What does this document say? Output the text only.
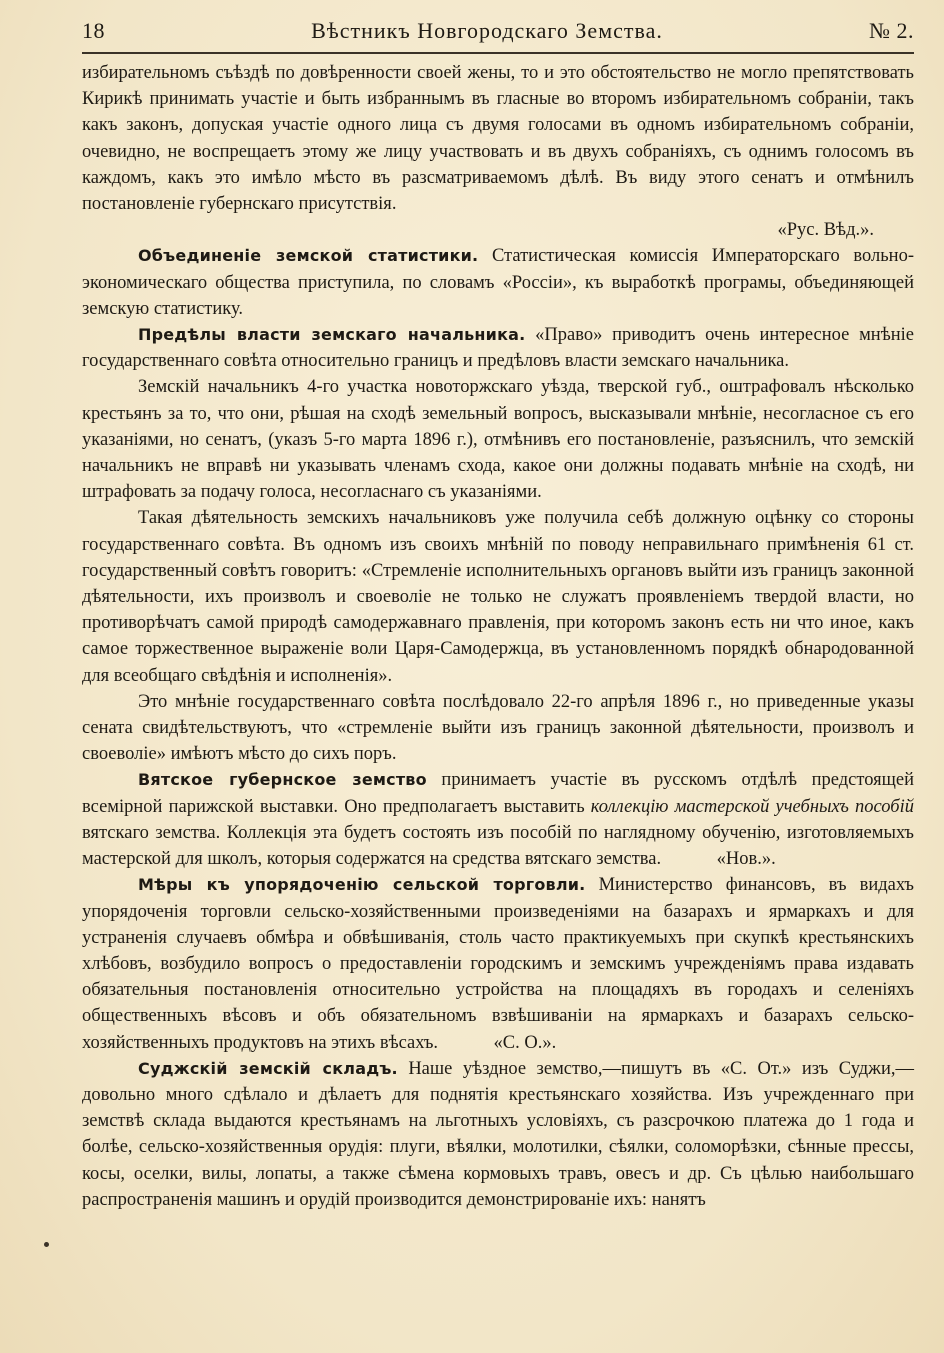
18	Вѣстникъ Новгородскаго Земства.	№ 2.

избирательномъ съѣздѣ по довѣренности своей жены, то и это обстоятельство не могло препятствовать Кирикѣ принимать участіе и быть избраннымъ въ гласные во второмъ избирательномъ собраніи, такъ какъ законъ, допуская участіе одного лица съ двумя голосами въ одномъ избирательномъ собраніи, очевидно, не воспрещаетъ этому же лицу участвовать и въ двухъ собраніяхъ, съ однимъ голосомъ въ каждомъ, какъ это имѣло мѣсто въ разсматриваемомъ дѣлѣ. Въ виду этого сенатъ и отмѣнилъ постановленіе губернскаго присутствія.

«Рус. Вѣд.».

Объединеніе земской статистики. Статистическая комиссія Императорскаго вольно-экономическаго общества приступила, по словамъ «Россіи», къ выработкѣ програмы, объединяющей земскую статистику.

Предѣлы власти земскаго начальника. «Право» приводитъ очень интересное мнѣніе государственнаго совѣта относительно границъ и предѣловъ власти земскаго начальника.

Земскій начальникъ 4-го участка новоторжскаго уѣзда, тверской губ., оштрафовалъ нѣсколько крестьянъ за то, что они, рѣшая на сходѣ земельный вопросъ, высказывали мнѣніе, несогласное съ его указаніями, но сенатъ, (указъ 5-го марта 1896 г.), отмѣнивъ его постановленіе, разъяснилъ, что земскій начальникъ не вправѣ ни указывать членамъ схода, какое они должны подавать мнѣніе на сходѣ, ни штрафовать за подачу голоса, несогласнаго съ указаніями.

Такая дѣятельность земскихъ начальниковъ уже получила себѣ должную оцѣнку со стороны государственнаго совѣта. Въ одномъ изъ своихъ мнѣній по поводу неправильнаго примѣненія 61 ст. государственный совѣтъ говоритъ: «Стремленіе исполнительныхъ органовъ выйти изъ границъ законной дѣятельности, ихъ произволъ и своеволіе не только не служатъ проявленіемъ твердой власти, но противорѣчатъ самой природѣ самодержавнаго правленія, при которомъ законъ есть ни что иное, какъ самое торжественное выраженіе воли Царя-Самодержца, въ установленномъ порядкѣ обнародованной для всеобщаго свѣдѣнія и исполненія».

Это мнѣніе государственнаго совѣта послѣдовало 22-го апрѣля 1896 г., но приведенные указы сената свидѣтельствуютъ, что «стремленіе выйти изъ границъ законной дѣятельности, произволъ и своеволіе» имѣютъ мѣсто до сихъ поръ.

Вятское губернское земство принимаетъ участіе въ русскомъ отдѣлѣ предстоящей всемірной парижской выставки. Оно предполагаетъ выставить коллекцію мастерской учебныхъ пособій вятскаго земства. Коллекція эта будетъ состоять изъ пособій по наглядному обученію, изготовляемыхъ мастерской для школъ, которыя содержатся на средства вятскаго земства.	«Нов.».

Мѣры къ упорядоченію сельской торговли. Министерство финансовъ, въ видахъ упорядоченія торговли сельско-хозяйственными произведеніями на базарахъ и ярмаркахъ и для устраненія случаевъ обмѣра и обвѣшиванія, столь часто практикуемыхъ при скупкѣ крестьянскихъ хлѣбовъ, возбудило вопросъ о предоставленіи городскимъ и земскимъ учрежденіямъ права издавать обязательныя постановленія относительно устройства на площадяхъ въ городахъ и селеніяхъ общественныхъ вѣсовъ и объ обязательномъ взвѣшиваніи на ярмаркахъ и базарахъ сельско-хозяйственныхъ продуктовъ на этихъ вѣсахъ.	«С. О.».

Суджскій земскій складъ. Наше уѣздное земство,—пишутъ въ «С. От.» изъ Суджи,—довольно много сдѣлало и дѣлаетъ для поднятія крестьянскаго хозяйства. Изъ учрежденнаго при земствѣ склада выдаются крестьянамъ на льготныхъ условіяхъ, съ разсрочкою платежа до 1 года и болѣе, сельско-хозяйственныя орудія: плуги, вѣялки, молотилки, сѣялки, соломорѣзки, сѣнные прессы, косы, оселки, вилы, лопаты, а также сѣмена кормовыхъ травъ, овесъ и др. Съ цѣлью наибольшаго распространенія машинъ и орудій производится демонстрированіе ихъ: нанятъ
